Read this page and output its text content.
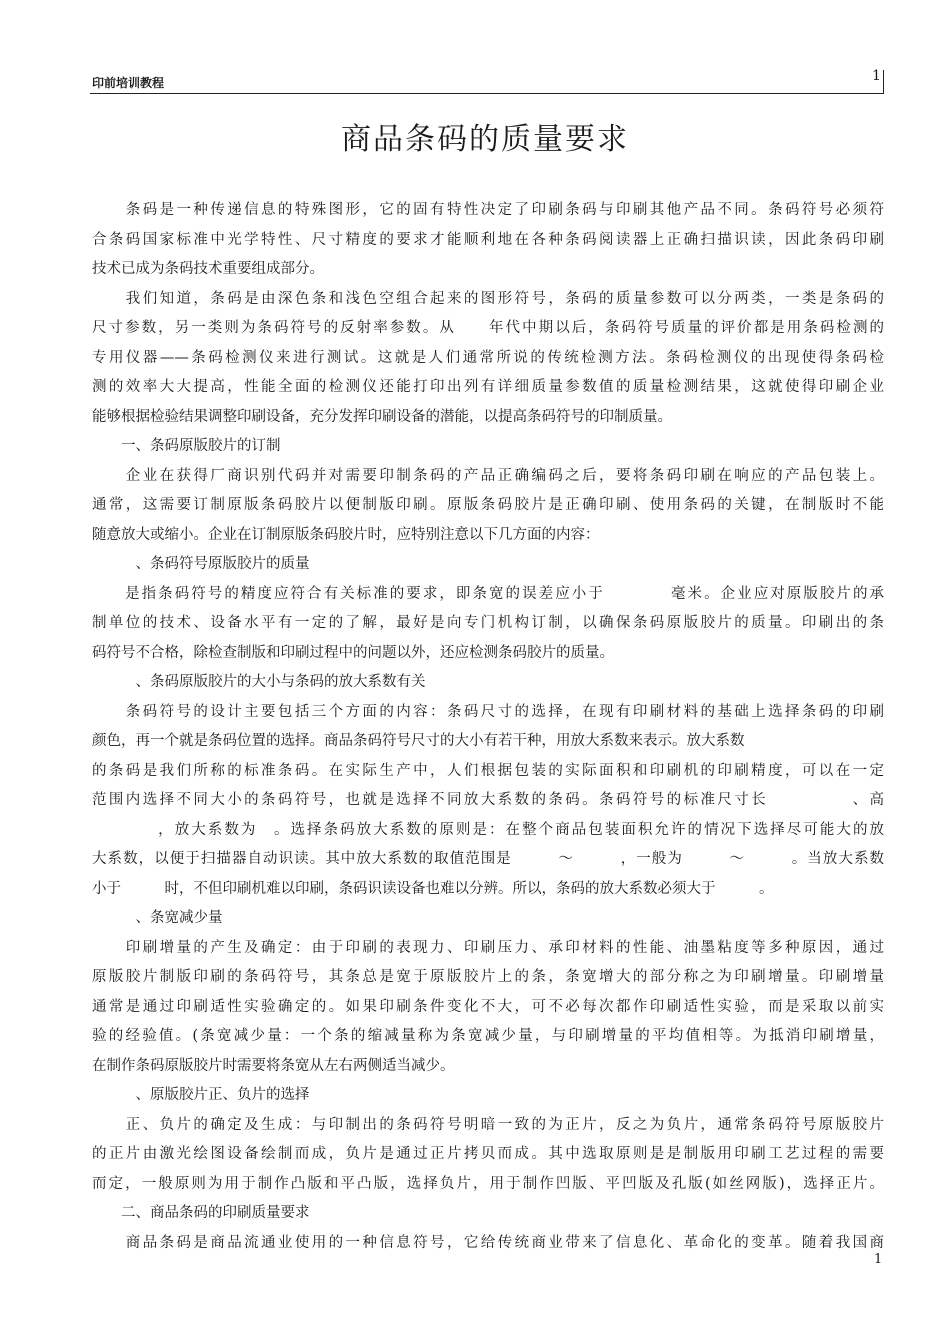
印前培训教程	1
商品条码的质量要求
　　条码是一种传递信息的特殊图形，它的固有特性决定了印刷条码与印刷其他产品不同。条码符号必须符
合条码国家标准中光学特性、尺寸精度的要求才能顺利地在各种条码阅读器上正确扫描识读，因此条码印刷
技术已成为条码技术重要组成部分。
　　我们知道，条码是由深色条和浅色空组合起来的图形符号，条码的质量参数可以分两类，一类是条码的
尺寸参数，另一类则为条码符号的反射率参数。从　　年代中期以后，条码符号质量的评价都是用条码检测的
专用仪器——条码检测仪来进行测试。这就是人们通常所说的传统检测方法。条码检测仪的出现使得条码检
测的效率大大提高，性能全面的检测仪还能打印出列有详细质量参数值的质量检测结果，这就使得印刷企业
能够根据检验结果调整印刷设备，充分发挥印刷设备的潜能，以提高条码符号的印制质量。
　　一、条码原版胶片的订制
　　企业在获得厂商识别代码并对需要印制条码的产品正确编码之后，要将条码印刷在响应的产品包装上。
通常，这需要订制原版条码胶片以便制版印刷。原版条码胶片是正确印刷、使用条码的关键，在制版时不能
随意放大或缩小。企业在订制原版条码胶片时，应特别注意以下几方面的内容：
　　　、条码符号原版胶片的质量
　　是指条码符号的精度应符合有关标准的要求，即条宽的误差应小于　　　　毫米。企业应对原版胶片的承
制单位的技术、设备水平有一定的了解，最好是向专门机构订制，以确保条码原版胶片的质量。印刷出的条
码符号不合格，除检查制版和印刷过程中的问题以外，还应检测条码胶片的质量。
　　　、条码原版胶片的大小与条码的放大系数有关
　　条码符号的设计主要包括三个方面的内容：条码尺寸的选择，在现有印刷材料的基础上选择条码的印刷
颜色，再一个就是条码位置的选择。商品条码符号尺寸的大小有若干种，用放大系数来表示。放大系数
的条码是我们所称的标准条码。在实际生产中，人们根据包装的实际面积和印刷机的印刷精度，可以在一定
范围内选择不同大小的条码符号，也就是选择不同放大系数的条码。条码符号的标准尺寸长　　　　　、高
　　　　，放大系数为　。选择条码放大系数的原则是：在整个商品包装面积允许的情况下选择尽可能大的放
大系数，以便于扫描器自动识读。其中放大系数的取值范围是　　　～　　　，一般为　　　～　　　。当放大系数
小于　　　时，不但印刷机难以印刷，条码识读设备也难以分辨。所以，条码的放大系数必须大于　　　。
　　　、条宽减少量
　　印刷增量的产生及确定：由于印刷的表现力、印刷压力、承印材料的性能、油墨粘度等多种原因，通过
原版胶片制版印刷的条码符号，其条总是宽于原版胶片上的条，条宽增大的部分称之为印刷增量。印刷增量
通常是通过印刷适性实验确定的。如果印刷条件变化不大，可不必每次都作印刷适性实验，而是采取以前实
验的经验值。(条宽减少量：一个条的缩减量称为条宽减少量，与印刷增量的平均值相等。为抵消印刷增量，
在制作条码原版胶片时需要将条宽从左右两侧适当减少。
　　　、原版胶片正、负片的选择
　　正、负片的确定及生成：与印制出的条码符号明暗一致的为正片，反之为负片，通常条码符号原版胶片
的正片由激光绘图设备绘制而成，负片是通过正片拷贝而成。其中选取原则是是制版用印刷工艺过程的需要
而定，一般原则为用于制作凸版和平凸版，选择负片，用于制作凹版、平凹版及孔版(如丝网版)，选择正片。
　　二、商品条码的印刷质量要求
　　商品条码是商品流通业使用的一种信息符号，它给传统商业带来了信息化、革命化的变革。随着我国商
1
